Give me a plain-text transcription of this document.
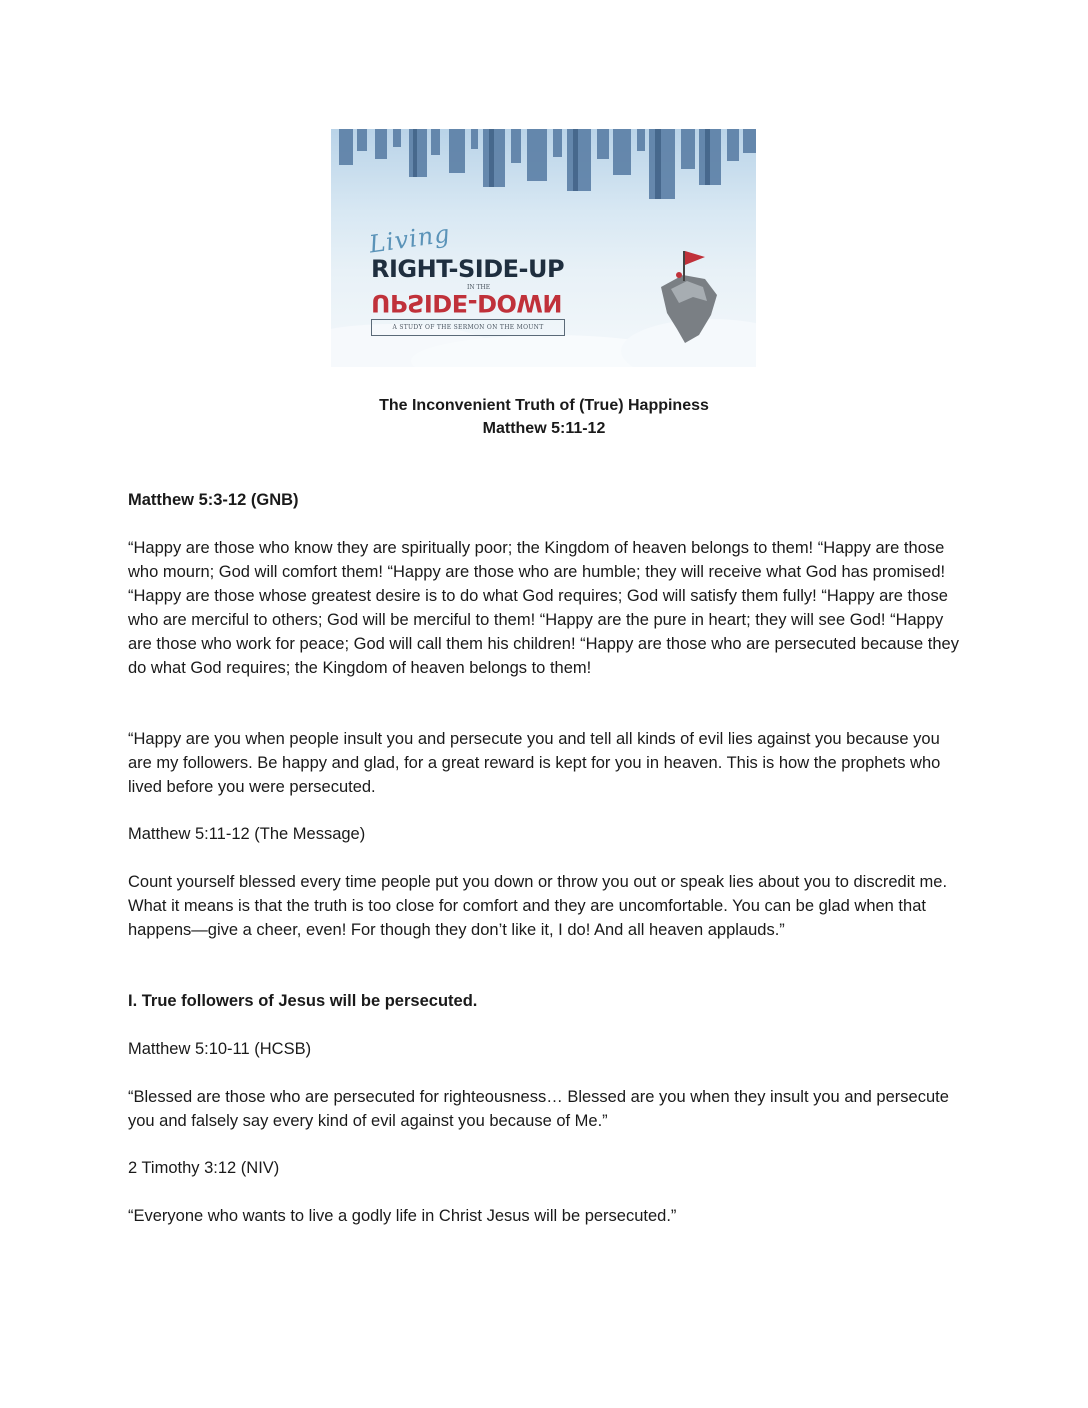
Living
RIGHT-SIDE-UP
IN THE
UPSIDE-DOWN
A STUDY OF THE SERMON ON THE MOUNT
The Inconvenient Truth of (True) Happiness
Matthew 5:11-12

Matthew 5:3-12 (GNB)

“Happy are those who know they are spiritually poor; the Kingdom of heaven belongs to them! “Happy are those who mourn; God will comfort them! “Happy are those who are humble; they will receive what God has promised! “Happy are those whose greatest desire is to do what God requires; God will satisfy them fully! “Happy are those who are merciful to others; God will be merciful to them! “Happy are the pure in heart; they will see God! “Happy are those who work for peace; God will call them his children! “Happy are those who are persecuted because they do what God requires; the Kingdom of heaven belongs to them!

“Happy are you when people insult you and persecute you and tell all kinds of evil lies against you because you are my followers. Be happy and glad, for a great reward is kept for you in heaven. This is how the prophets who lived before you were persecuted.

Matthew 5:11-12 (The Message)

Count yourself blessed every time people put you down or throw you out or speak lies about you to discredit me. What it means is that the truth is too close for comfort and they are uncomfortable. You can be glad when that happens—give a cheer, even! For though they don’t like it, I do! And all heaven applauds.”

I. True followers of Jesus will be persecuted.

Matthew 5:10-11 (HCSB)

“Blessed are those who are persecuted for righteousness… Blessed are you when they insult you and persecute you and falsely say every kind of evil against you because of Me.”

2 Timothy 3:12 (NIV)

“Everyone who wants to live a godly life in Christ Jesus will be persecuted.”
